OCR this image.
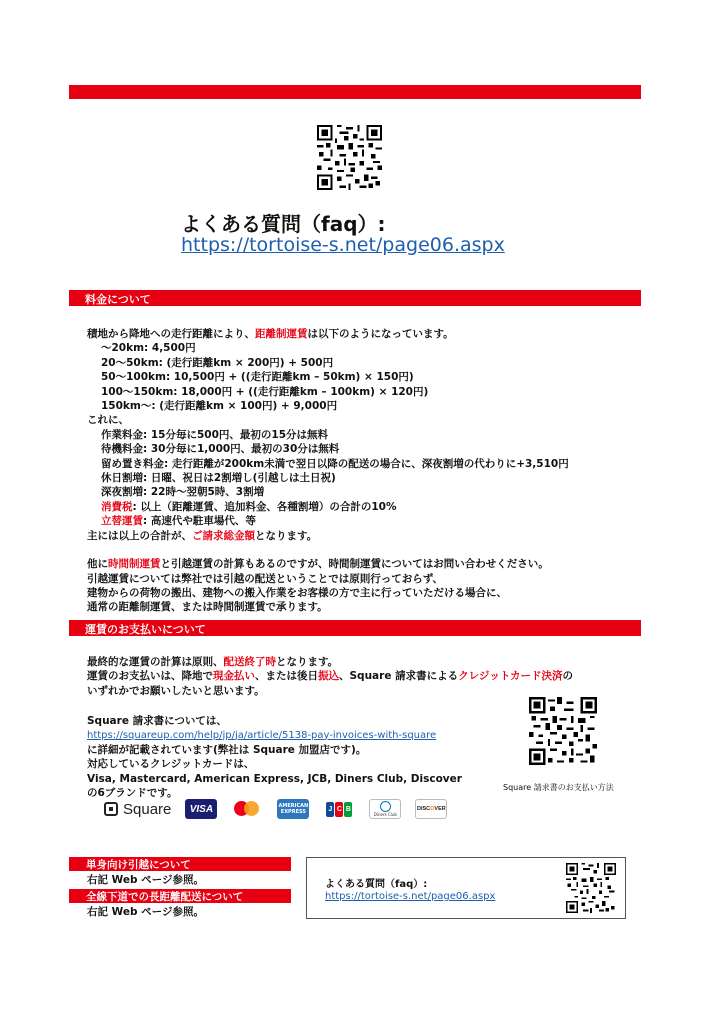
よくある質問（faq）:
https://tortoise-s.net/page06.aspx
料金について
積地から降地への走行距離により、距離制運賃は以下のようになっています。
～20km: 4,500円
20～50km: (走行距離km × 200円) + 500円
50～100km: 10,500円 + ((走行距離km – 50km) × 150円)
100～150km: 18,000円 + ((走行距離km – 100km) × 120円)
150km～: (走行距離km × 100円) + 9,000円
これに、
作業料金: 15分毎に500円、最初の15分は無料
待機料金: 30分毎に1,000円、最初の30分は無料
留め置き料金: 走行距離が200km未満で翌日以降の配送の場合に、深夜割増の代わりに+3,510円
休日割増: 日曜、祝日は2割増し(引越しは土日祝)
深夜割増: 22時～翌朝5時、3割増
消費税: 以上（距離運賃、追加料金、各種割増）の合計の10%
立替運賃: 高速代や駐車場代、等
主には以上の合計が、ご請求総金額となります。
他に時間制運賃と引越運賃の計算もあるのですが、時間制運賃についてはお問い合わせください。
引越運賃については弊社では引越の配送ということでは原則行っておらず、
建物からの荷物の搬出、建物への搬入作業をお客様の方で主に行っていただける場合に、
通常の距離制運賃、または時間制運賃で承ります。
運賃のお支払いについて
最終的な運賃の計算は原則、配送終了時となります。
運賃のお支払いは、降地で現金払い、または後日振込、Square 請求書によるクレジットカード決済の
いずれかでお願いしたいと思います。
Square 請求書については、
https://squareup.com/help/jp/ja/article/5138-pay-invoices-with-square
に詳細が記載されています(弊社は Square 加盟店です)。
対応しているクレジットカードは、
Visa, Mastercard, American Express, JCB, Diners Club, Discover
の6ブランドです。	Square 請求書のお支払い方法
Square	VISA	AMERICAN EXPRESS	J C B
Diners Club
DISC O VER
単身向け引越について
右記 Web ページ参照。
全線下道での長距離配送について
右記 Web ページ参照。
よくある質問（faq）:
https://tortoise-s.net/page06.aspx
